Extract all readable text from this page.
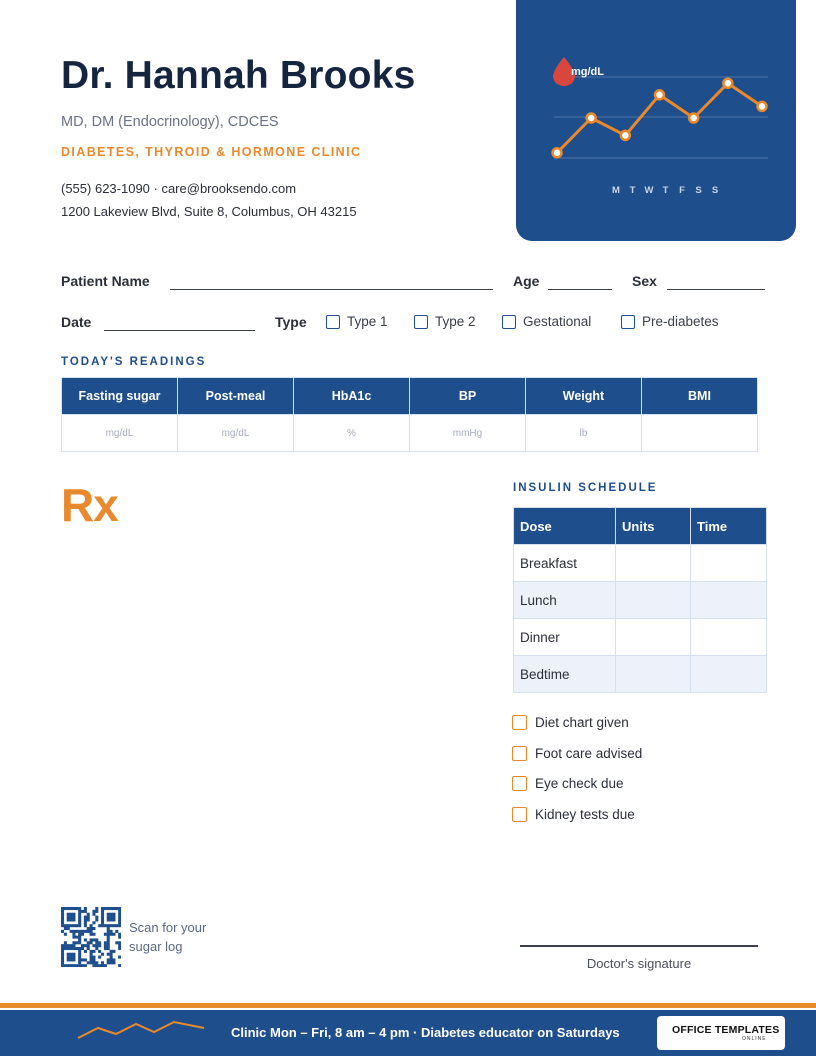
Dr. Hannah Brooks
MD, DM (Endocrinology), CDCES
DIABETES, THYROID & HORMONE CLINIC
(555) 623-1090 · care@brooksendo.com
1200 Lakeview Blvd, Suite 8, Columbus, OH 43215
mg/dL
M T W T F S S
Patient Name	Age	Sex
Date	Type	Type 1	Type 2	Gestational	Pre-diabetes
TODAY'S READINGS
Fasting sugar	Post-meal	HbA1c	BP	Weight	BMI
mg/dL	mg/dL	%	mmHg	lb	
Rx	INSULIN SCHEDULE
Dose	Units	Time
Breakfast		
Lunch		
Dinner		
Bedtime		
Diet chart given
Foot care advised
Eye check due
Kidney tests due
Scan for your
sugar log
Doctor's signature
Clinic Mon – Fri, 8 am – 4 pm · Diabetes educator on Saturdays	OFFICE TEMPLATES
ONLINE
